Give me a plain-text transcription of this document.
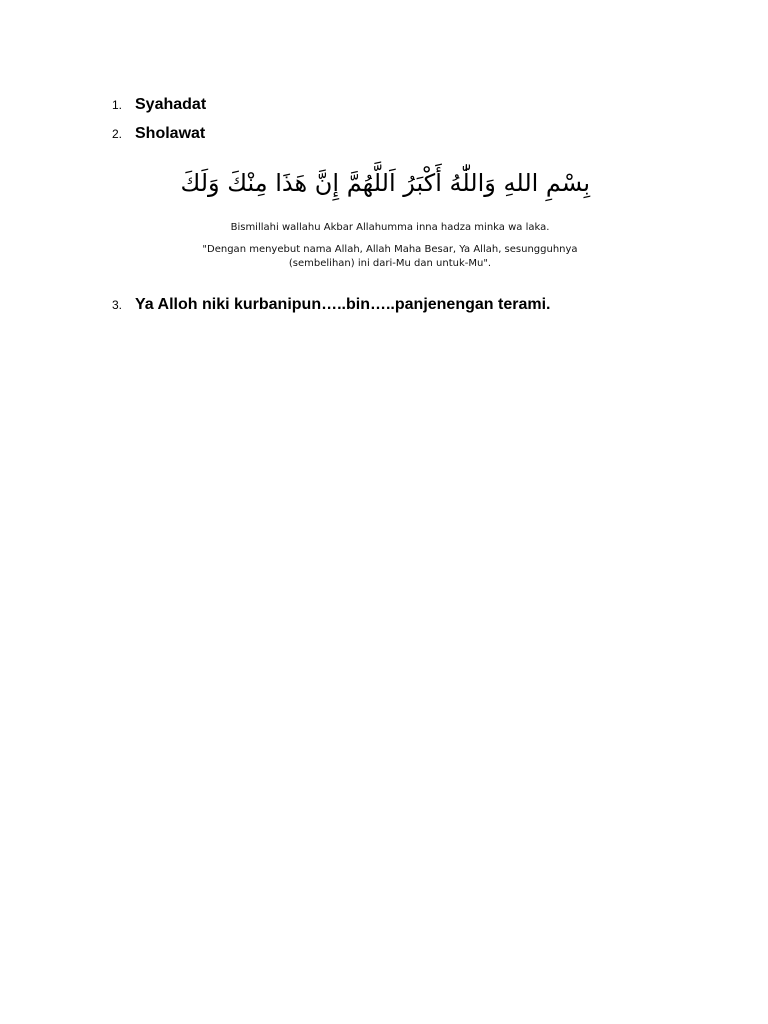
1. Syahadat
2. Sholawat

بِسْمِ اللهِ وَاللّٰهُ أَكْبَرُ اَللَّهُمَّ إِنَّ هَذَا مِنْكَ وَلَكَ

Bismillahi wallahu Akbar Allahumma inna hadza minka wa laka.
"Dengan menyebut nama Allah, Allah Maha Besar, Ya Allah, sesungguhnya
(sembelihan) ini dari-Mu dan untuk-Mu".
3. Ya Alloh niki kurbanipun…..bin…..panjenengan terami.
